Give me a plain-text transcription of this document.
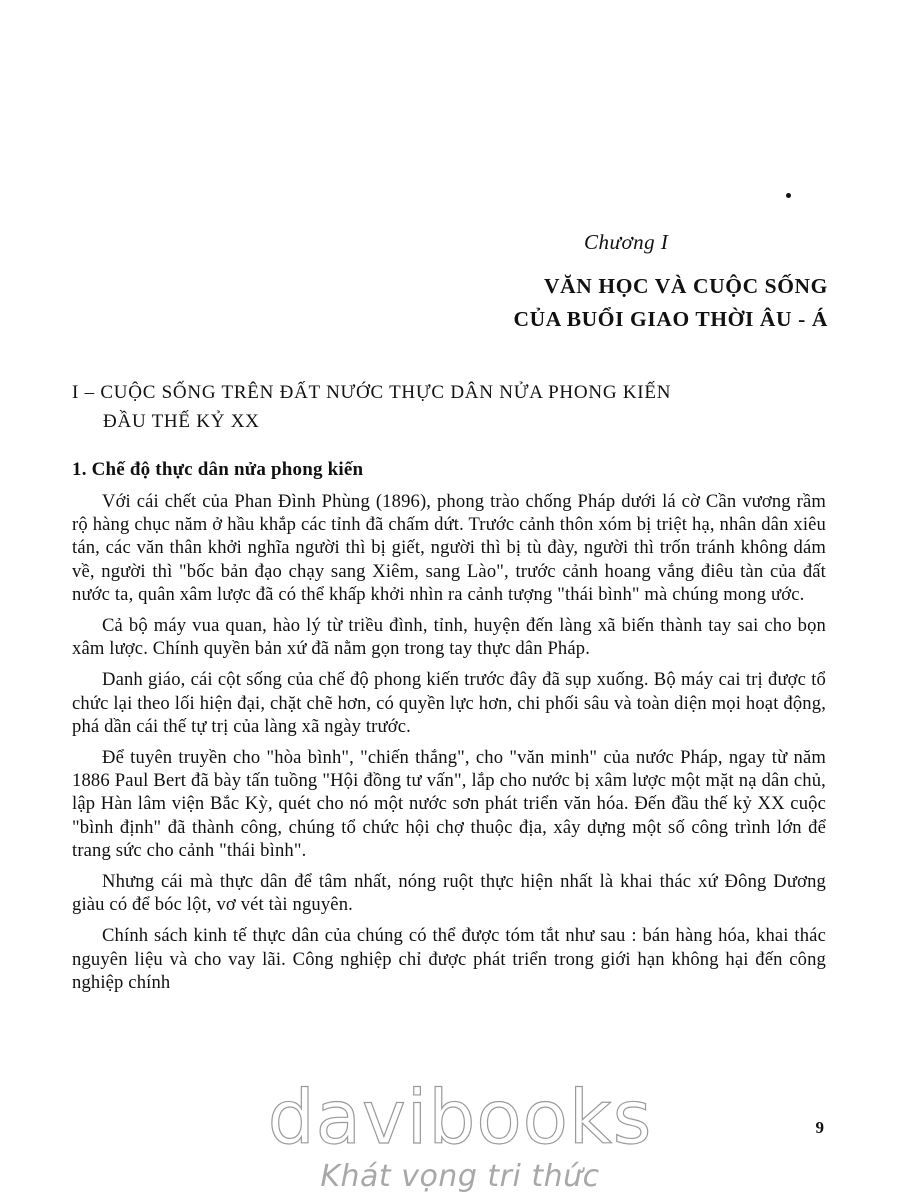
Chương I
VĂN HỌC VÀ CUỘC SỐNG
CỦA BUỔI GIAO THỜI ÂU - Á
I – CUỘC SỐNG TRÊN ĐẤT NƯỚC THỰC DÂN NỬA PHONG KIẾN
ĐẦU THẾ KỶ XX
1. Chế độ thực dân nửa phong kiến

Với cái chết của Phan Đình Phùng (1896), phong trào chống Pháp dưới lá cờ Cần vương rầm rộ hàng chục năm ở hầu khắp các tỉnh đã chấm dứt. Trước cảnh thôn xóm bị triệt hạ, nhân dân xiêu tán, các văn thân khởi nghĩa người thì bị giết, người thì bị tù đày, người thì trốn tránh không dám về, người thì "bốc bản đạo chạy sang Xiêm, sang Lào", trước cảnh hoang vắng điêu tàn của đất nước ta, quân xâm lược đã có thể khấp khởi nhìn ra cảnh tượng "thái bình" mà chúng mong ước.

Cả bộ máy vua quan, hào lý từ triều đình, tỉnh, huyện đến làng xã biến thành tay sai cho bọn xâm lược. Chính quyền bản xứ đã nằm gọn trong tay thực dân Pháp.

Danh giáo, cái cột sống của chế độ phong kiến trước đây đã sụp xuống. Bộ máy cai trị được tổ chức lại theo lối hiện đại, chặt chẽ hơn, có quyền lực hơn, chi phối sâu và toàn diện mọi hoạt động, phá dần cái thế tự trị của làng xã ngày trước.

Để tuyên truyền cho "hòa bình", "chiến thắng", cho "văn minh" của nước Pháp, ngay từ năm 1886 Paul Bert đã bày tấn tuồng "Hội đồng tư vấn", lắp cho nước bị xâm lược một mặt nạ dân chủ, lập Hàn lâm viện Bắc Kỳ, quét cho nó một nước sơn phát triển văn hóa. Đến đầu thế kỷ XX cuộc "bình định" đã thành công, chúng tổ chức hội chợ thuộc địa, xây dựng một số công trình lớn để trang sức cho cảnh "thái bình".

Nhưng cái mà thực dân để tâm nhất, nóng ruột thực hiện nhất là khai thác xứ Đông Dương giàu có để bóc lột, vơ vét tài nguyên.

Chính sách kinh tế thực dân của chúng có thể được tóm tắt như sau : bán hàng hóa, khai thác nguyên liệu và cho vay lãi. Công nghiệp chỉ được phát triển trong giới hạn không hại đến công nghiệp chính

davibooks
Khát vọng tri thức
9
